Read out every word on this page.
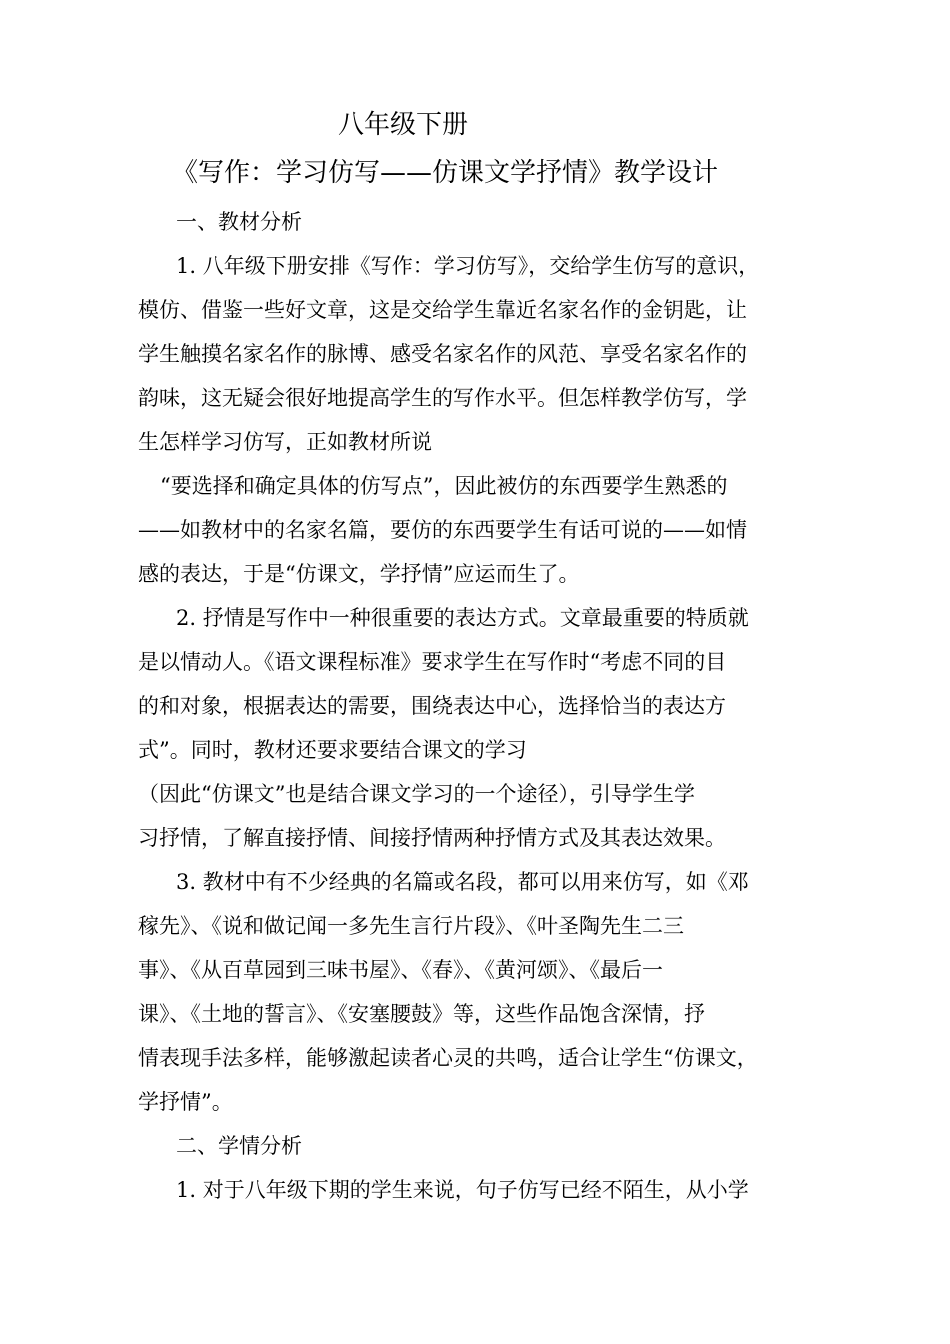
八年级下册
《写作：学习仿写——仿课文学抒情》教学设计
一、教材分析
1. 八年级下册安排《写作：学习仿写》，交给学生仿写的意识，
模仿、借鉴一些好文章，这是交给学生靠近名家名作的金钥匙，让
学生触摸名家名作的脉博、感受名家名作的风范、享受名家名作的
韵味，这无疑会很好地提高学生的写作水平。但怎样教学仿写，学
生怎样学习仿写，正如教材所说
“要选择和确定具体的仿写点”，因此被仿的东西要学生熟悉的
——如教材中的名家名篇，要仿的东西要学生有话可说的——如情
感的表达，于是“仿课文，学抒情”应运而生了。
2. 抒情是写作中一种很重要的表达方式。文章最重要的特质就
是以情动人。《语文课程标准》要求学生在写作时“考虑不同的目
的和对象，根据表达的需要，围绕表达中心，选择恰当的表达方
式”。同时，教材还要求要结合课文的学习
（因此“仿课文”也是结合课文学习的一个途径），引导学生学
习抒情，了解直接抒情、间接抒情两种抒情方式及其表达效果。
3. 教材中有不少经典的名篇或名段，都可以用来仿写，如《邓
稼先》、《说和做记闻一多先生言行片段》、《叶圣陶先生二三
事》、《从百草园到三味书屋》、《春》、《黄河颂》、《最后一
课》、《土地的誓言》、《安塞腰鼓》等，这些作品饱含深情，抒
情表现手法多样，能够激起读者心灵的共鸣，适合让学生“仿课文，
学抒情”。
二、学情分析
1. 对于八年级下期的学生来说，句子仿写已经不陌生，从小学
